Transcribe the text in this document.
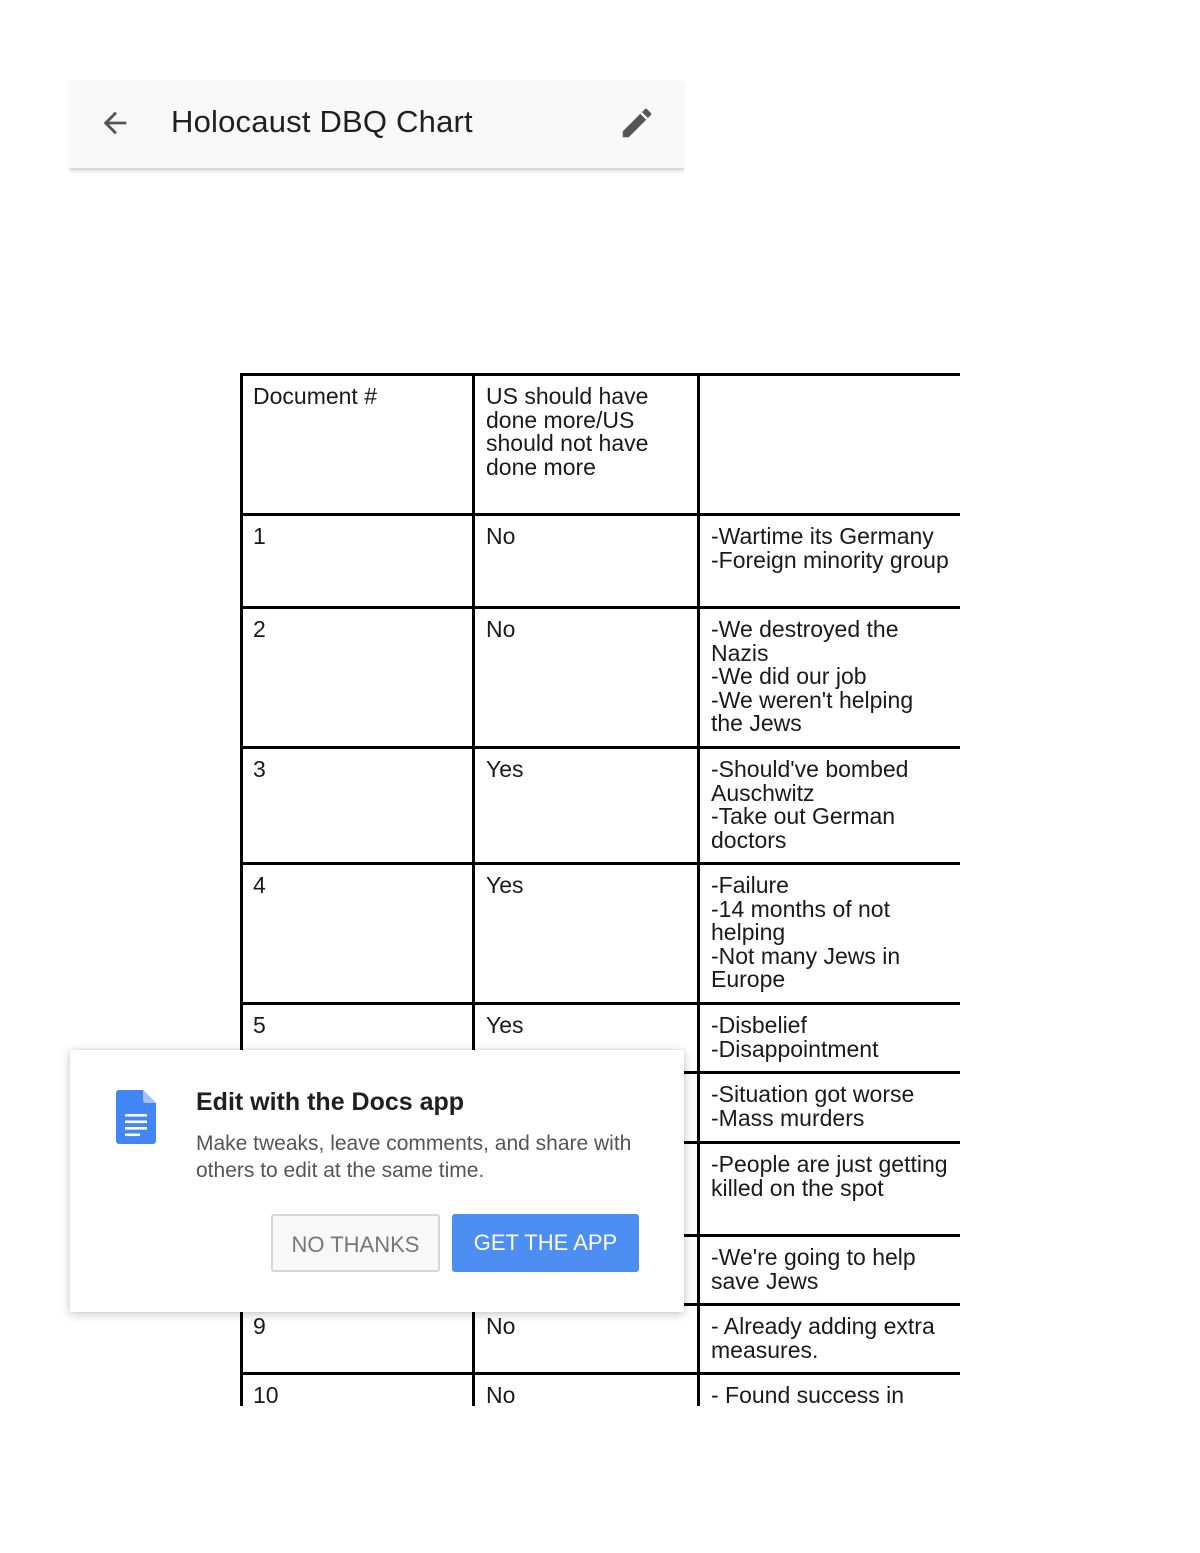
Holocaust DBQ Chart
Document #	US should have done more/US should not have done more	
1	No	-Wartime its Germany
-Foreign minority group

2	No	-We destroyed the Nazis
-We did our job
-We weren't helping the Jews

3	Yes	-Should've bombed Auschwitz
-Take out German doctors

4	Yes	-Failure
-14 months of not helping
-Not many Jews in Europe

5	Yes	-Disbelief
-Disappointment

		-Situation got worse
-Mass murders

		-People are just getting killed on the spot

		-We're going to help save Jews

9	No	- Already adding extra measures.

10	No	- Found success in
Edit with the Docs app
Make tweaks, leave comments, and share with others to edit at the same time.
NO THANKS	GET THE APP
